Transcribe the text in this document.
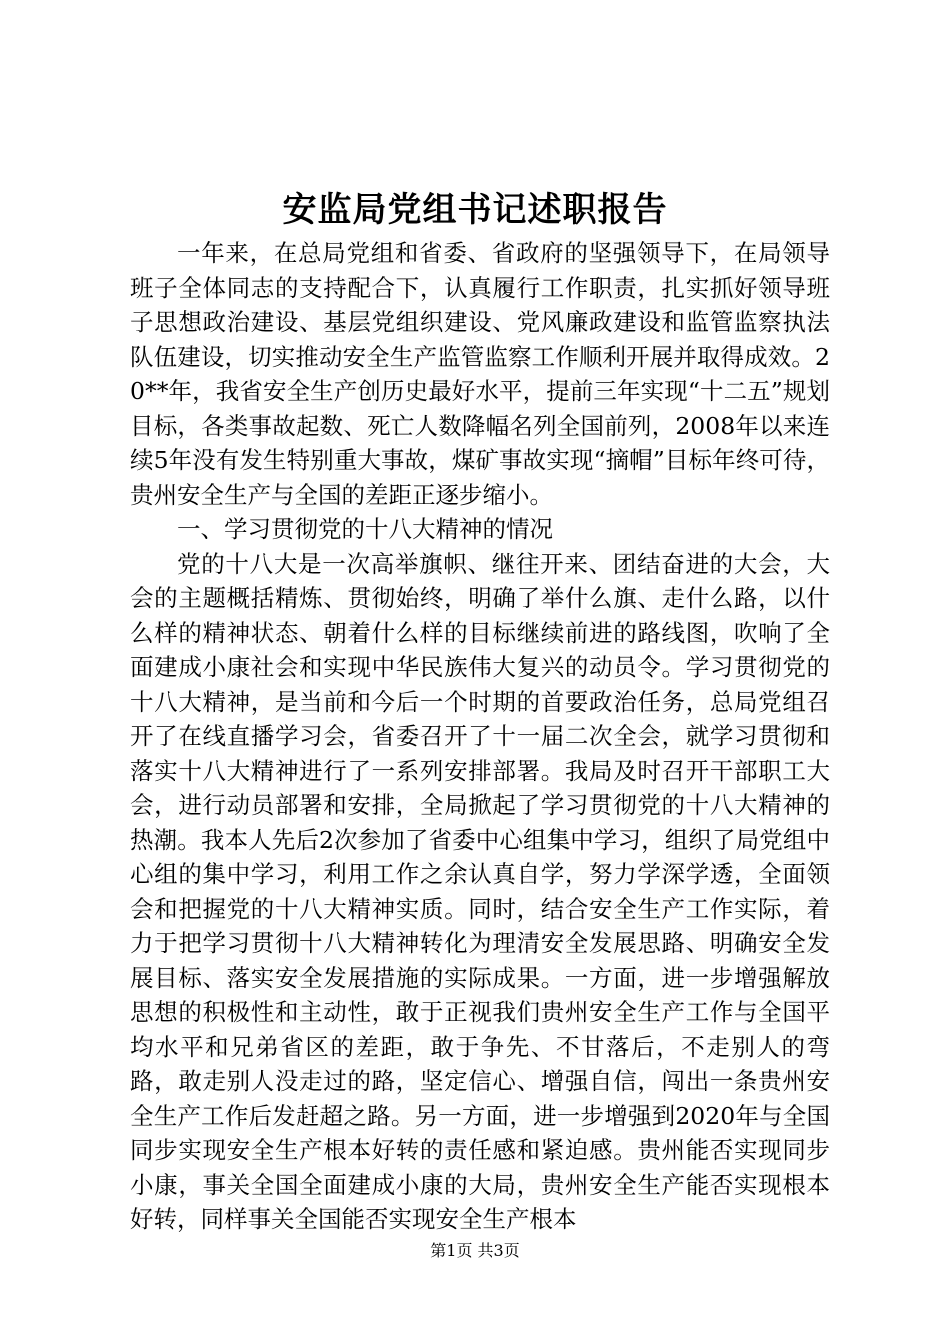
安监局党组书记述职报告

一年来，在总局党组和省委、省政府的坚强领导下，在局领导班子全体同志的支持配合下，认真履行工作职责，扎实抓好领导班子思想政治建设、基层党组织建设、党风廉政建设和监管监察执法队伍建设，切实推动安全生产监管监察工作顺利开展并取得成效。20**年，我省安全生产创历史最好水平，提前三年实现“十二五”规划目标，各类事故起数、死亡人数降幅名列全国前列，2008年以来连续5年没有发生特别重大事故，煤矿事故实现“摘帽”目标年终可待，贵州安全生产与全国的差距正逐步缩小。

一、学习贯彻党的十八大精神的情况

党的十八大是一次高举旗帜、继往开来、团结奋进的大会，大会的主题概括精炼、贯彻始终，明确了举什么旗、走什么路，以什么样的精神状态、朝着什么样的目标继续前进的路线图，吹响了全面建成小康社会和实现中华民族伟大复兴的动员令。学习贯彻党的十八大精神，是当前和今后一个时期的首要政治任务，总局党组召开了在线直播学习会，省委召开了十一届二次全会，就学习贯彻和落实十八大精神进行了一系列安排部署。我局及时召开干部职工大会，进行动员部署和安排，全局掀起了学习贯彻党的十八大精神的热潮。我本人先后2次参加了省委中心组集中学习，组织了局党组中心组的集中学习，利用工作之余认真自学，努力学深学透，全面领会和把握党的十八大精神实质。同时，结合安全生产工作实际，着力于把学习贯彻十八大精神转化为理清安全发展思路、明确安全发展目标、落实安全发展措施的实际成果。一方面，进一步增强解放思想的积极性和主动性，敢于正视我们贵州安全生产工作与全国平均水平和兄弟省区的差距，敢于争先、不甘落后，不走别人的弯路，敢走别人没走过的路，坚定信心、增强自信，闯出一条贵州安全生产工作后发赶超之路。另一方面，进一步增强到2020年与全国同步实现安全生产根本好转的责任感和紧迫感。贵州能否实现同步小康，事关全国全面建成小康的大局，贵州安全生产能否实现根本好转，同样事关全国能否实现安全生产根本

第1页 共3页
